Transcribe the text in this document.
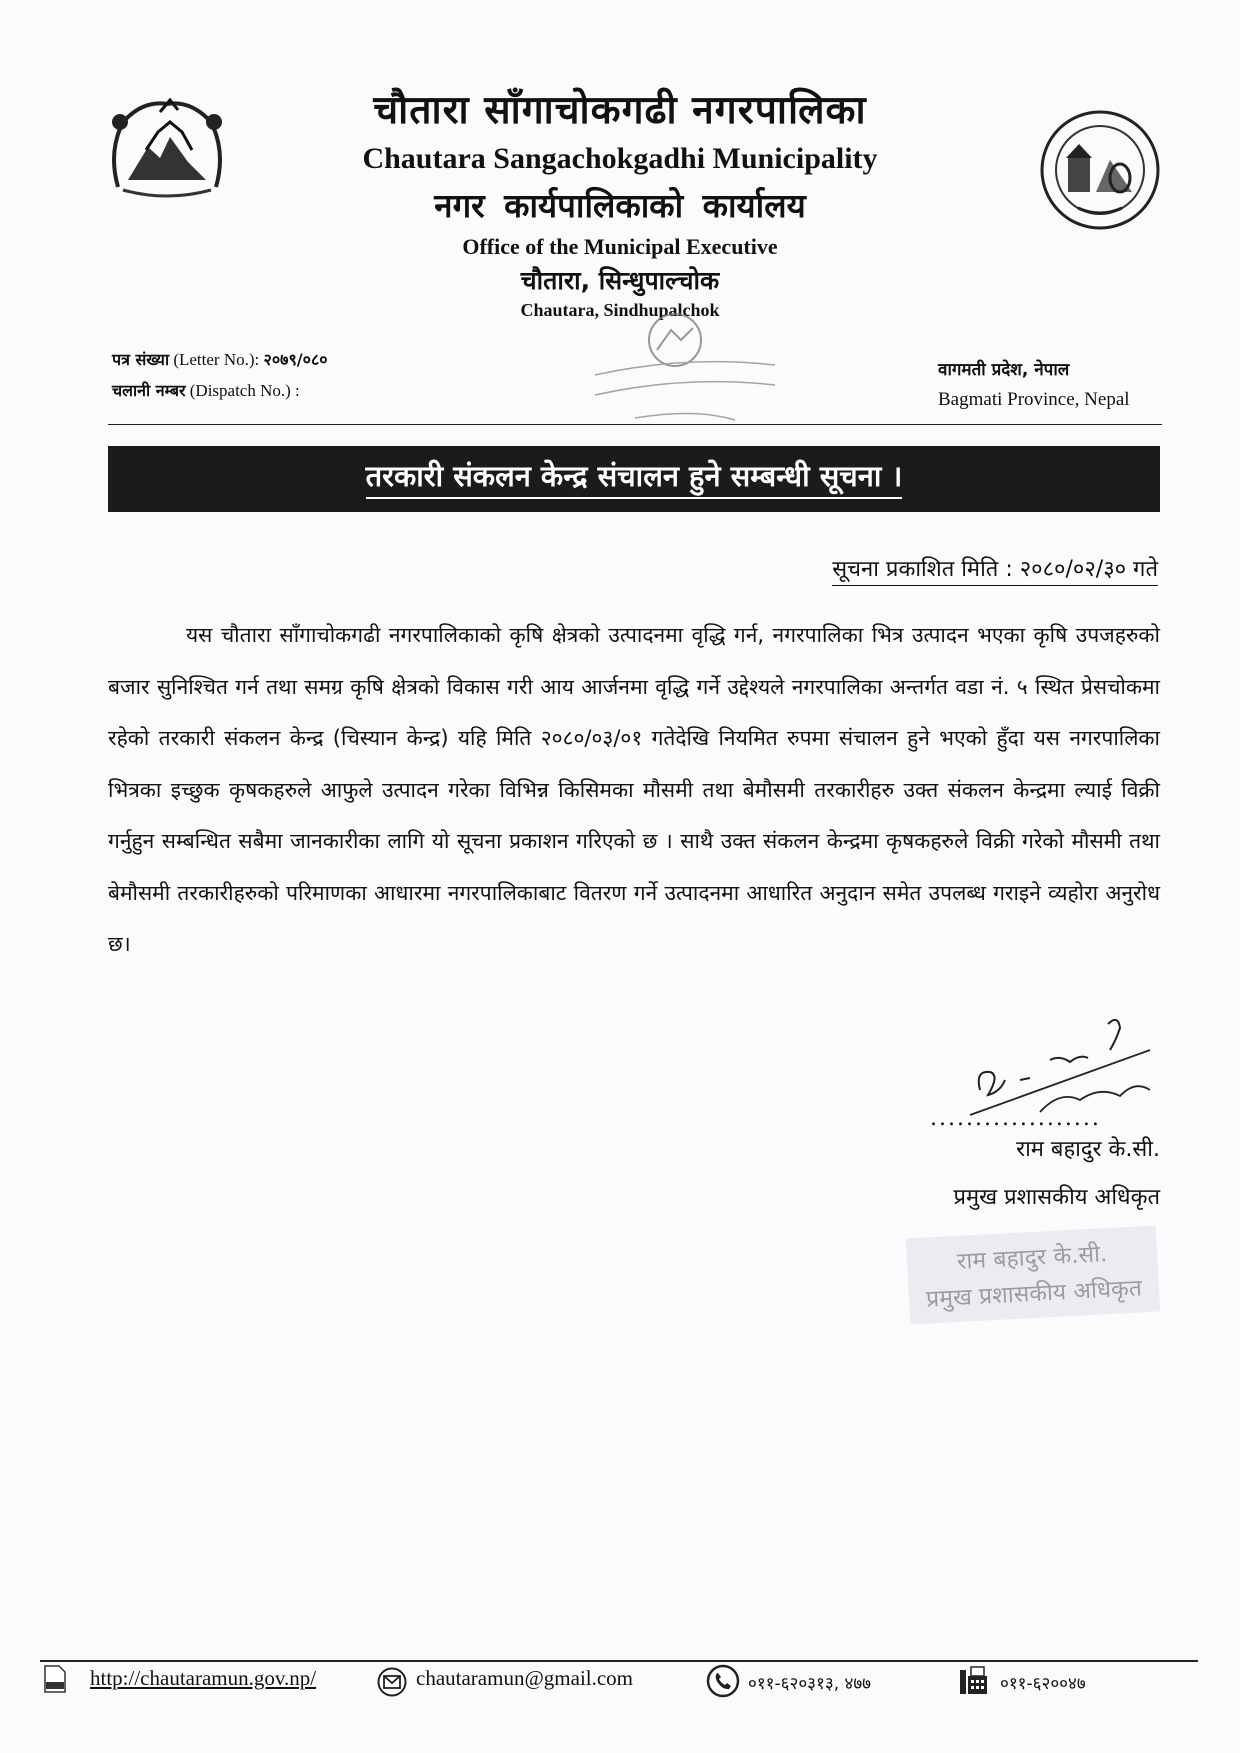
चौतारा साँगाचोकगढी नगरपालिका
Chautara Sangachokgadhi Municipality
नगर कार्यपालिकाको कार्यालय
Office of the Municipal Executive
चौतारा, सिन्धुपाल्चोक
Chautara, Sindhupalchok
पत्र संख्या (Letter No.): २०७९/०८०
चलानी नम्बर (Dispatch No.) :
वागमती प्रदेश, नेपाल
Bagmati Province, Nepal
तरकारी संकलन केन्द्र संचालन हुने सम्बन्धी सूचना ।
सूचना प्रकाशित मिति : २०८०/०२/३० गते
यस चौतारा साँगाचोकगढी नगरपालिकाको कृषि क्षेत्रको उत्पादनमा वृद्धि गर्न, नगरपालिका भित्र उत्पादन भएका कृषि उपजहरुको बजार सुनिश्चित गर्न तथा समग्र कृषि क्षेत्रको विकास गरी आय आर्जनमा वृद्धि गर्ने उद्देश्यले नगरपालिका अन्तर्गत वडा नं. ५ स्थित प्रेसचोकमा रहेको तरकारी संकलन केन्द्र (चिस्यान केन्द्र) यहि मिति २०८०/०३/०१ गतेदेखि नियमित रुपमा संचालन हुने भएको हुँदा यस नगरपालिका भित्रका इच्छुक कृषकहरुले आफुले उत्पादन गरेका विभिन्न किसिमका मौसमी तथा बेमौसमी तरकारीहरु उक्त संकलन केन्द्रमा ल्याई विक्री गर्नुहुन सम्बन्धित सबैमा जानकारीका लागि यो सूचना प्रकाशन गरिएको छ । साथै उक्त संकलन केन्द्रमा कृषकहरुले विक्री गरेको मौसमी तथा बेमौसमी तरकारीहरुको परिमाणका आधारमा नगरपालिकाबाट वितरण गर्ने उत्पादनमा आधारित अनुदान समेत उपलब्ध गराइने व्यहोरा अनुरोध छ।
...................
राम बहादुर के.सी.
प्रमुख प्रशासकीय अधिकृत
राम बहादुर के.सी.
प्रमुख प्रशासकीय अधिकृत
http://chautaramun.gov.np/	chautaramun@gmail.com	०११-६२०३१३, ४७७	०११-६२००४७
